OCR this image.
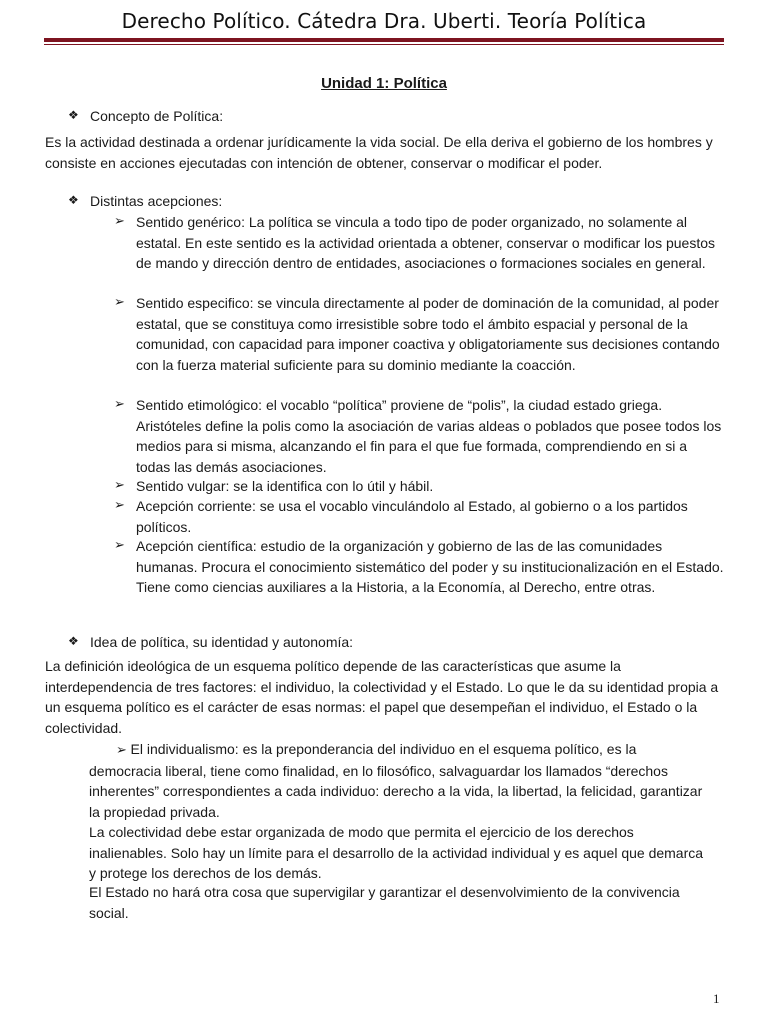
Derecho Político. Cátedra Dra. Uberti. Teoría Política
Unidad 1: Política
❖ Concepto de Política:
Es la actividad destinada a ordenar jurídicamente la vida social. De ella deriva el gobierno de los hombres y consiste en acciones ejecutadas con intención de obtener, conservar o modificar el poder.
❖ Distintas acepciones:
➢ Sentido genérico: La política se vincula a todo tipo de poder organizado, no solamente al estatal. En este sentido es la actividad orientada a obtener, conservar o modificar los puestos de mando y dirección dentro de entidades, asociaciones o formaciones sociales en general.
➢ Sentido especifico: se vincula directamente al poder de dominación de la comunidad, al poder estatal, que se constituya como irresistible sobre todo el ámbito espacial y personal de la comunidad, con capacidad para imponer coactiva y obligatoriamente sus decisiones contando con la fuerza material suficiente para su dominio mediante la coacción.
➢ Sentido etimológico: el vocablo “política” proviene de “polis”, la ciudad estado griega. Aristóteles define la polis como la asociación de varias aldeas o poblados que posee todos los medios para si misma, alcanzando el fin para el que fue formada, comprendiendo en si a todas las demás asociaciones.
➢ Sentido vulgar: se la identifica con lo útil y hábil.
➢ Acepción corriente: se usa el vocablo vinculándolo al Estado, al gobierno o a los partidos políticos.
➢ Acepción científica: estudio de la organización y gobierno de las de las comunidades humanas. Procura el conocimiento sistemático del poder y su institucionalización en el Estado. Tiene como ciencias auxiliares a la Historia, a la Economía, al Derecho, entre otras.
❖ Idea de política, su identidad y autonomía:
La definición ideológica de un esquema político depende de las características que asume la interdependencia de tres factores: el individuo, la colectividad y el Estado. Lo que le da su identidad propia a un esquema político es el carácter de esas normas: el papel que desempeñan el individuo, el Estado o la colectividad.
➢ El individualismo: es la preponderancia del individuo en el esquema político, es la democracia liberal, tiene como finalidad, en lo filosófico, salvaguardar los llamados “derechos inherentes” correspondientes a cada individuo: derecho a la vida, la libertad, la felicidad, garantizar la propiedad privada.
La colectividad debe estar organizada de modo que permita el ejercicio de los derechos inalienables. Solo hay un límite para el desarrollo de la actividad individual y es aquel que demarca y protege los derechos de los demás.
El Estado no hará otra cosa que supervigilar y garantizar el desenvolvimiento de la convivencia social.
1
